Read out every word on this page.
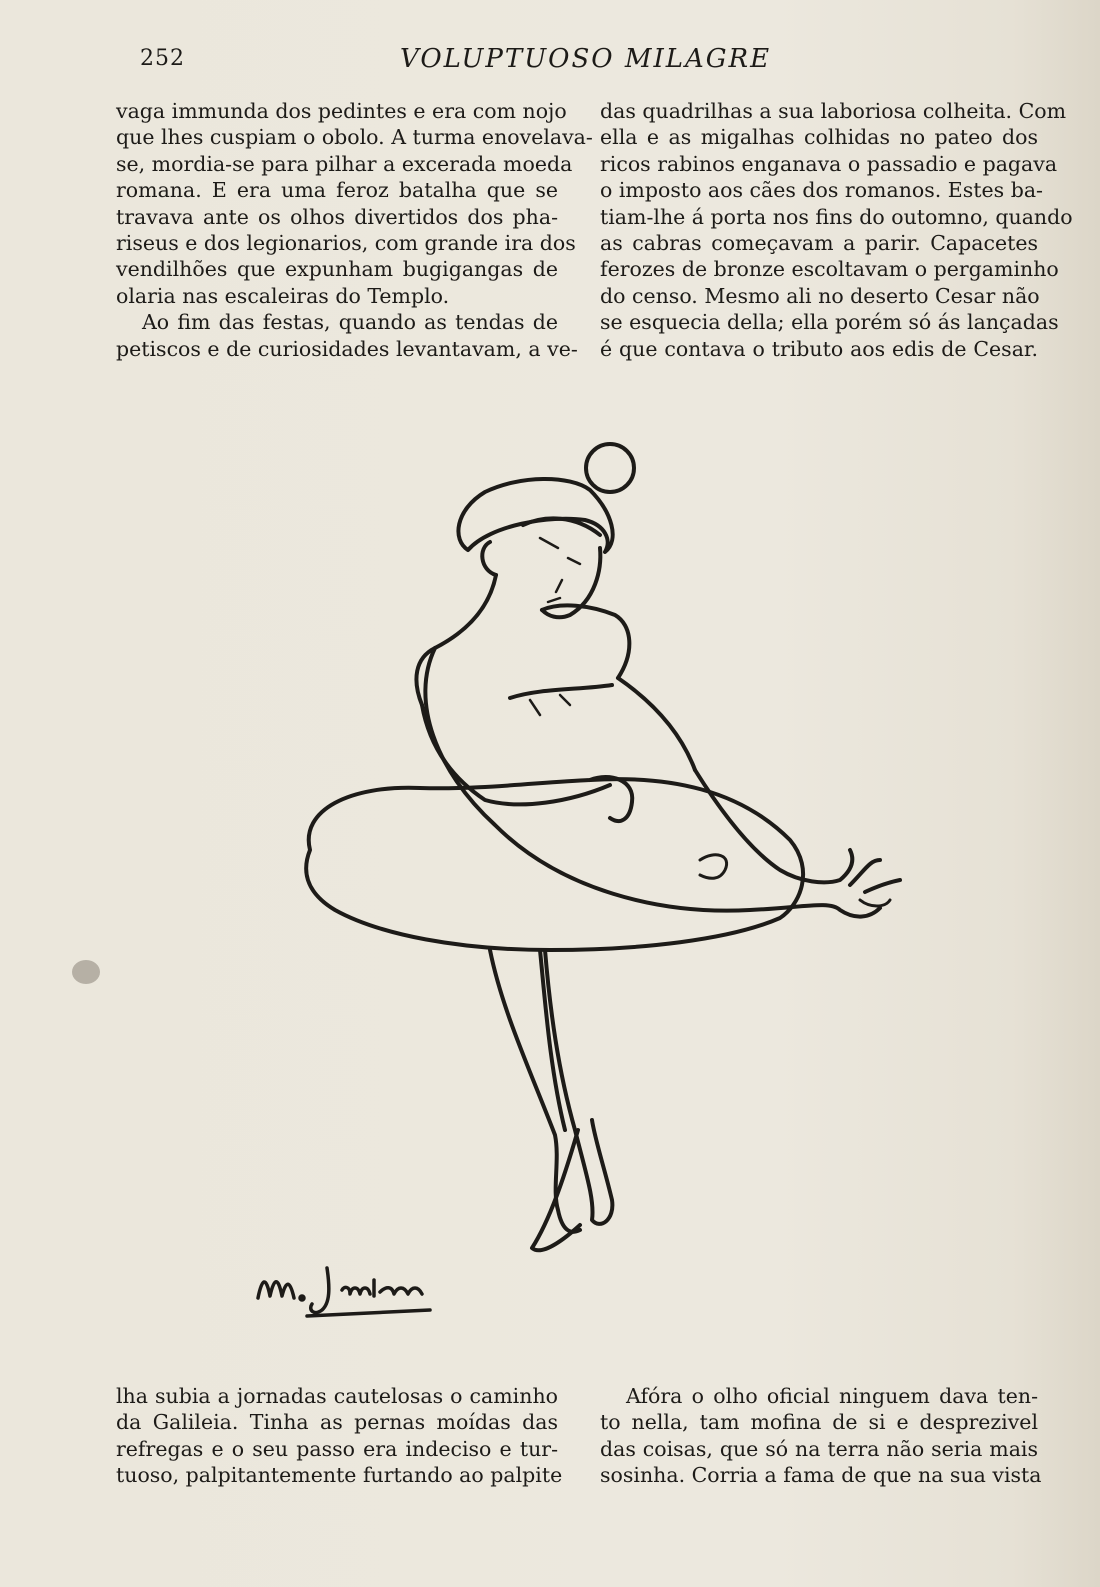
252	VOLUPTUOSO MILAGRE
vaga immunda dos pedintes e era com nojo
que lhes cuspiam o obolo. A turma enovelava-
se, mordia-se para pilhar a excerada moeda
romana. E era uma feroz batalha que se
travava ante os olhos divertidos dos pha-
riseus e dos legionarios, com grande ira dos
vendilhões que expunham bugigangas de
olaria nas escaleiras do Templo.
Ao fim das festas, quando as tendas de
petiscos e de curiosidades levantavam, a ve-
das quadrilhas a sua laboriosa colheita. Com
ella e as migalhas colhidas no pateo dos
ricos rabinos enganava o passadio e pagava
o imposto aos cães dos romanos. Estes ba-
tiam-lhe á porta nos fins do outomno, quando
as cabras começavam a parir. Capacetes
ferozes de bronze escoltavam o pergaminho
do censo. Mesmo ali no deserto Cesar não
se esquecia della; ella porém só ás lançadas
é que contava o tributo aos edis de Cesar.
lha subia a jornadas cautelosas o caminho
da Galileia. Tinha as pernas moídas das
refregas e o seu passo era indeciso e tur-
tuoso, palpitantemente furtando ao palpite
Afóra o olho oficial ninguem dava ten-
to nella, tam mofina de si e desprezivel
das coisas, que só na terra não seria mais
sosinha. Corria a fama de que na sua vista
